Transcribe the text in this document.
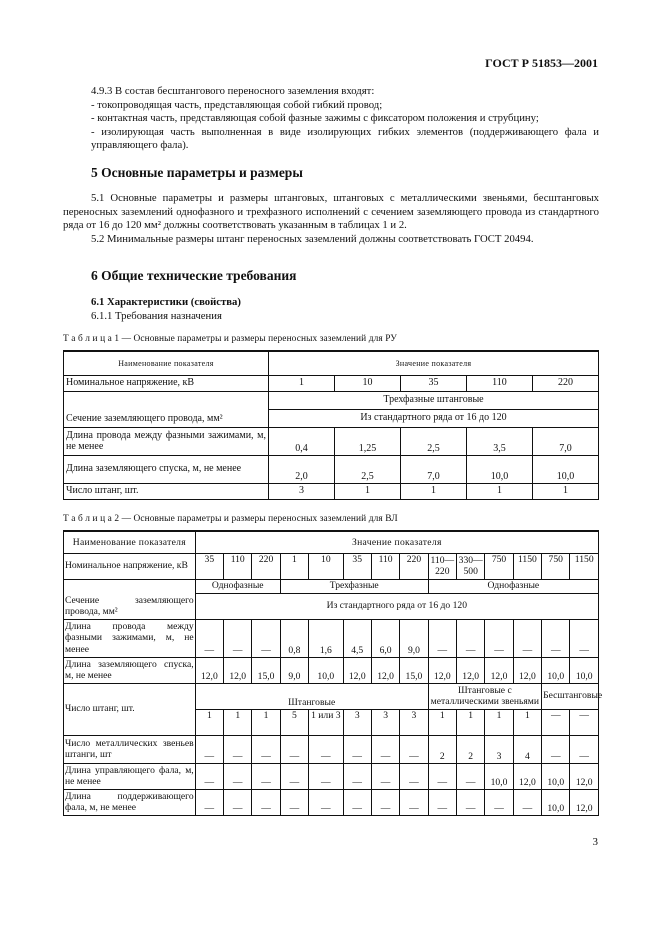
ГОСТ Р 51853—2001

4.9.3 В состав бесштангового переносного заземления входят:

- токопроводящая часть, представляющая собой гибкий провод;

- контактная часть, представляющая собой фазные зажимы с фиксатором положения и струбцину;

- изолирующая часть выполненная в виде изолирующих гибких элементов (поддерживающего фала и управляющего фала).

5 Основные параметры и размеры

5.1 Основные параметры и размеры штанговых, штанговых с металлическими звеньями, бесштанговых переносных заземлений однофазного и трехфазного исполнений с сечением заземляющего провода из стандартного ряда от 16 до 120 мм² должны соответствовать указанным в таблицах 1 и 2.

5.2 Минимальные размеры штанг переносных заземлений должны соответствовать ГОСТ 20494.

6 Общие технические требования
6.1 Характеристики (свойства)
6.1.1 Требования назначения
Т а б л и ц а 1 — Основные параметры и размеры переносных заземлений для РУ
Наименование показателя	Значение показателя				
Номинальное напряжение, кВ	1	10	35	110	220
Сечение заземляющего провода, мм²	Трехфазные штанговые				
	Из стандартного ряда от 16 до 120				
Длина провода между фазными зажимами, м, не менее	0,4	1,25	2,5	3,5	7,0
Длина заземляющего спуска, м, не менее	2,0	2,5	7,0	10,0	10,0
Число штанг, шт.	3	1	1	1	1
Т а б л и ц а 2 — Основные параметры и размеры переносных заземлений для ВЛ
Наименование показателя	Значение показателя													
Номинальное напряжение, кВ	35	110	220	1	10	35	110	220	110—220	330—500	750	1150	750	1150
Сечение заземляющего провода, мм²	Однофазные			Трехфазные					Однофазные					
	Из стандартного ряда от 16 до 120													
Длина провода между фазными зажимами, м, не менее	—	—	—	0,8	1,6	4,5	6,0	9,0	—	—	—	—	—	—
Длина заземляющего спуска, м, не менее	12,0	12,0	15,0	9,0	10,0	12,0	12,0	15,0	12,0	12,0	12,0	12,0	10,0	10,0
Число штанг, шт.	Штанговые								Штанговые с металлическими звеньями				Бесштанговые	
	1	1	1	5	1 или 3	3	3	3	1	1	1	1	—	—
Число металлических звеньев штанги, шт	—	—	—	—	—	—	—	—	2	2	3	4	—	—
Длина управляющего фала, м, не менее	—	—	—	—	—	—	—	—	—	—	10,0	12,0	10,0	12,0
Длина поддерживающего фала, м, не менее	—	—	—	—	—	—	—	—	—	—	—	—	10,0	12,0
3
